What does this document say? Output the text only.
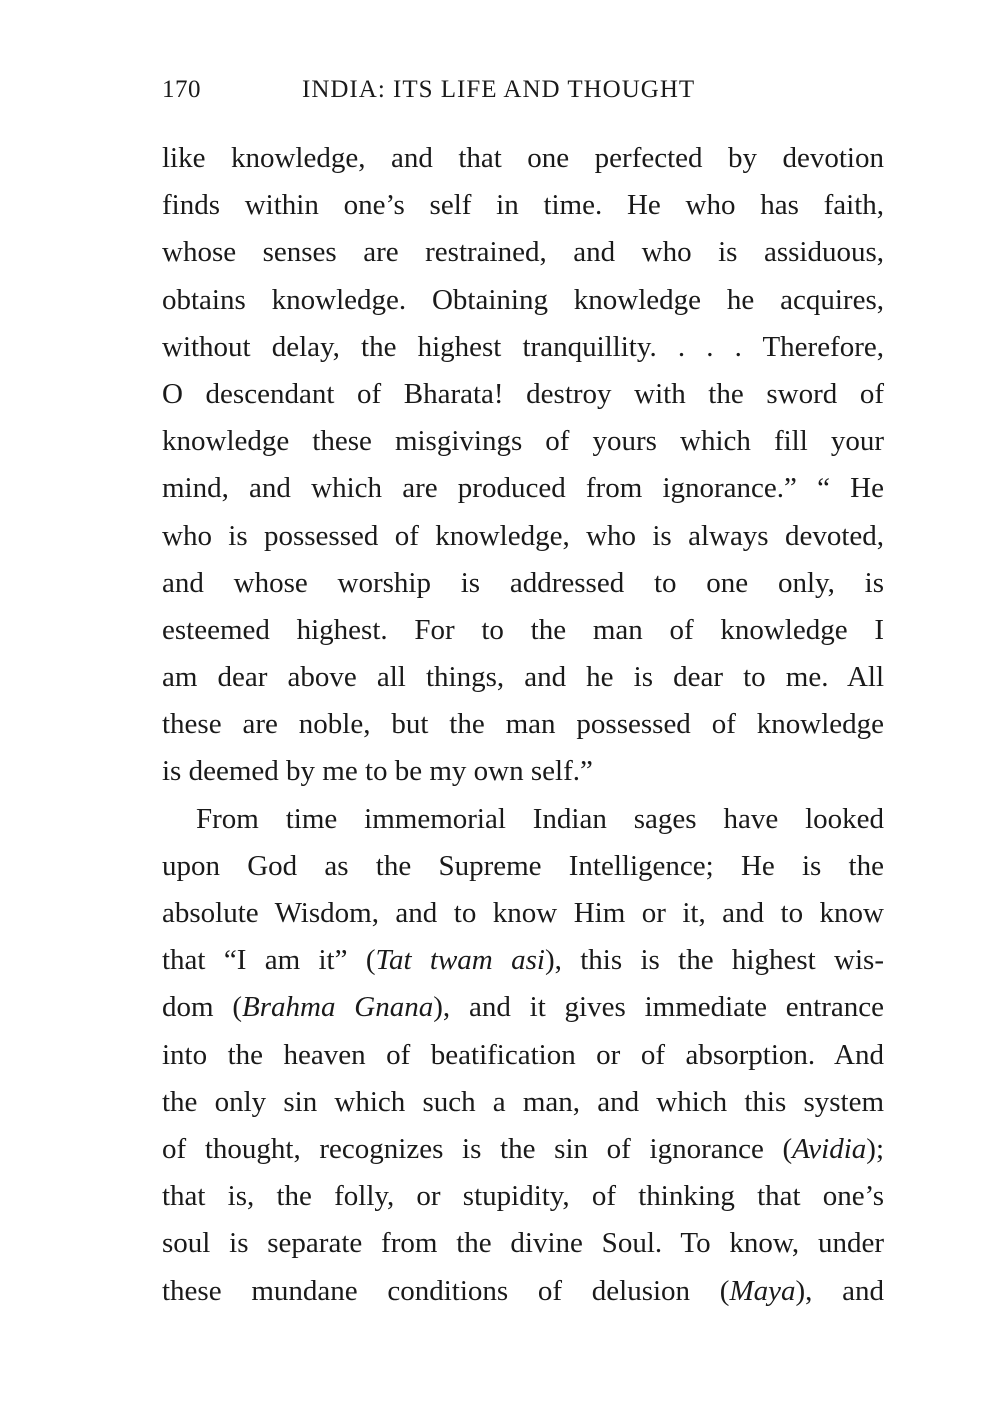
170	INDIA: ITS LIFE AND THOUGHT
like knowledge, and that one perfected by devotion
finds within one’s self in time. He who has faith,
whose senses are restrained, and who is assiduous,
obtains knowledge. Obtaining knowledge he acquires,
without delay, the highest tranquillity. . . . Therefore,
O descendant of Bharata! destroy with the sword of
knowledge these misgivings of yours which fill your
mind, and which are produced from ignorance.” “ He
who is possessed of knowledge, who is always devoted,
and whose worship is addressed to one only, is
esteemed highest. For to the man of knowledge I
am dear above all things, and he is dear to me. All
these are noble, but the man possessed of knowledge
is deemed by me to be my own self.”
From time immemorial Indian sages have looked
upon God as the Supreme Intelligence; He is the
absolute Wisdom, and to know Him or it, and to know
that “I am it” (Tat twam asi), this is the highest wis-
dom (Brahma Gnana), and it gives immediate entrance
into the heaven of beatification or of absorption. And
the only sin which such a man, and which this system
of thought, recognizes is the sin of ignorance (Avidia);
that is, the folly, or stupidity, of thinking that one’s
soul is separate from the divine Soul. To know, under
these mundane conditions of delusion (Maya), and
